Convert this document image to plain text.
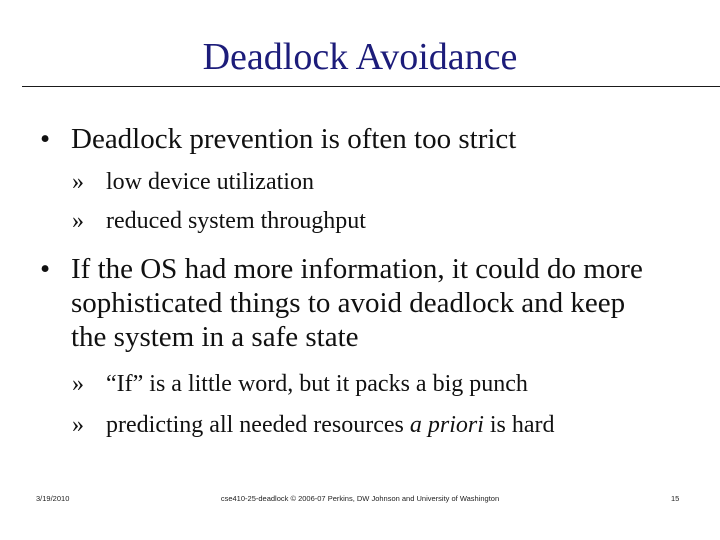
Deadlock Avoidance
• Deadlock prevention is often too strict
» low device utilization
» reduced system throughput
• If the OS had more information, it could do more sophisticated things to avoid deadlock and keep the system in a safe state
» “If” is a little word, but it packs a big punch
» predicting all needed resources a priori is hard
3/19/2010	cse410-25-deadlock © 2006-07 Perkins, DW Johnson and University of Washington	15
